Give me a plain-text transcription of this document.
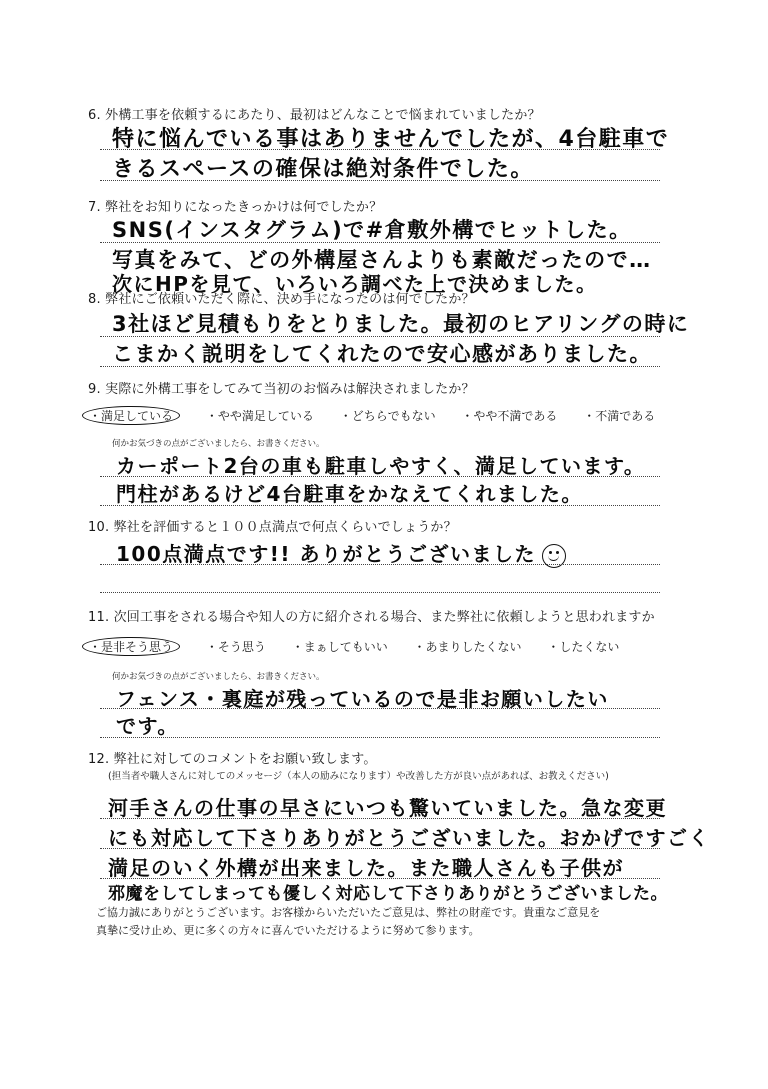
6. 外構工事を依頼するにあたり、最初はどんなことで悩まれていましたか？
特に悩んでいる事はありませんでしたが、4台駐車で
きるスペースの確保は絶対条件でした。
7. 弊社をお知りになったきっかけは何でしたか？
SNS(インスタグラム)で#倉敷外構でヒットした。
写真をみて、どの外構屋さんよりも素敵だったので…
次にHPを見て、いろいろ調べた上で決めました。
8. 弊社にご依頼いただく際に、決め手になったのは何でしたか？
3社ほど見積もりをとりました。最初のヒアリングの時に
こまかく説明をしてくれたので安心感がありました。
9. 実際に外構工事をしてみて当初のお悩みは解決されましたか？
・満足している	・やや満足している ・どちらでもない ・やや不満である ・不満である
何かお気づきの点がございましたら、お書きください。
カーポート2台の車も駐車しやすく、満足しています。
門柱があるけど4台駐車をかなえてくれました。
10. 弊社を評価すると１００点満点で何点くらいでしょうか？
100点満点です!! ありがとうございました
11. 次回工事をされる場合や知人の方に紹介される場合、また弊社に依頼しようと思われますか
・是非そう思う	・そう思う ・まぁしてもいい ・あまりしたくない ・したくない
何かお気づきの点がございましたら、お書きください。
フェンス・裏庭が残っているので是非お願いしたい
です。
12. 弊社に対してのコメントをお願い致します。
(担当者や職人さんに対してのメッセージ（本人の励みになります）や改善した方が良い点があれば、お教えください)
河手さんの仕事の早さにいつも驚いていました。急な変更
にも対応して下さりありがとうございました。おかげですごく
満足のいく外構が出来ました。また職人さんも子供が
邪魔をしてしまっても優しく対応して下さりありがとうございました。
ご協力誠にありがとうございます。お客様からいただいたご意見は、弊社の財産です。貴重なご意見を
真摯に受け止め、更に多くの方々に喜んでいただけるように努めて参ります。
